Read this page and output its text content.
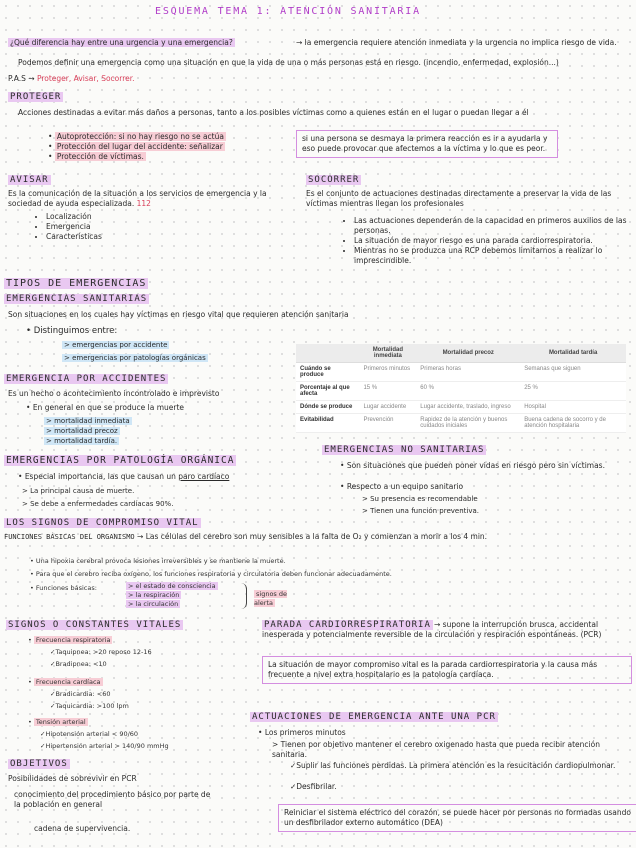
ESQUEMA TEMA 1: ATENCIÓN SANITARIA
¿Qué diferencia hay entre una urgencia y una emergencia?	→ la emergencia requiere atención inmediata y la urgencia no implica riesgo de vida.
Podemos definir una emergencia como una situación en que la vida de una o más personas está en riesgo. (incendio, enfermedad, explosión...)
P.A.S → Proteger, Avisar, Socorrer.
PROTEGER
Acciones destinadas a evitar más daños a personas, tanto a los posibles víctimas como a quienes están en el lugar o puedan llegar a él
• Autoprotección: si no hay riesgo no se actúa
• Protección del lugar del accidente: señalizar
• Protección de víctimas.
si una persona se desmaya la primera reacción es ir a ayudarla y eso puede provocar que afectemos a la víctima y lo que es peor.
AVISAR
Es la comunicación de la situación a los servicios de emergencia y la sociedad de ayuda especializada. 112
• Localización
• Emergencia
• Características
SOCORRER
Es el conjunto de actuaciones destinadas directamente a preservar la vida de las víctimas mientras llegan los profesionales
• Las actuaciones dependerán de la capacidad en primeros auxilios de las personas.
• La situación de mayor riesgo es una parada cardiorrespiratoria.
• Mientras no se produzca una RCP debemos limitarnos a realizar lo imprescindible.
TIPOS DE EMERGENCIAS
EMERGENCIAS SANITARIAS
Son situaciones en los cuales hay víctimas en riesgo vital que requieren atención sanitaria
• Distinguimos entre:
> emergencias por accidente
> emergencias por patologías orgánicas
EMERGENCIA POR ACCIDENTES
Es un hecho o acontecimiento incontrolado e imprevisto
• En general en que se produce la muerte
> mortalidad inmediata
> mortalidad precoz
> mortalidad tardía.
	Mortalidad inmediata	Mortalidad precoz	Mortalidad tardía
Cuándo se produce	Primeros minutos	Primeras horas	Semanas que siguen
Porcentaje al que afecta	15 %	60 %	25 %
Dónde se produce	Lugar accidente	Lugar accidente, traslado, ingreso	Hospital
Evitabilidad	Prevención	Rapidez de la atención y buenos cuidados iniciales	Buena cadena de socorro y de atención hospitalaria
EMERGENCIAS POR PATOLOGÍA ORGÁNICA
• Especial importancia, las que causan un paro cardíaco
> La principal causa de muerte.
> Se debe a enfermedades cardíacas 90%.
EMERGENCIAS NO SANITARIAS
• Son situaciones que pueden poner vidas en riesgo pero sin víctimas.
• Respecto a un equipo sanitario
> Su presencia es recomendable
> Tienen una función preventiva.
LOS SIGNOS DE COMPROMISO VITAL
FUNCIONES BÁSICAS DEL ORGANISMO → Las células del cerebro son muy sensibles a la falta de O₂ y comienzan a morir a los 4 min.
• Una hipoxia cerebral provoca lesiones irreversibles y se mantiene la muerte.
• Para que el cerebro reciba oxígeno, los funciones respiratoria y circulatoria deben funcionar adecuadamente.
• Funciones básicas:	> el estado de consciencia
> la respiración
> la circulación
signos de alerta
SIGNOS O CONSTANTES VITALES
• Frecuencia respiratoria
✓Taquipnea: >20 reposo 12-16
✓Bradipnea: <10
• Frecuencia cardíaca
✓Bradicardia: <60
✓Taquicardia: >100 lpm
• Tensión arterial
✓Hipotensión arterial < 90/60
✓Hipertensión arterial > 140/90 mmHg
OBJETIVOS
Posibilidades de sobrevivir en PCR
conocimiento del procedimiento básico por parte de la población en general
cadena de supervivencia.
PARADA CARDIORRESPIRATORIA → supone la interrupción brusca, accidental inesperada y potencialmente reversible de la circulación y respiración espontáneas. (PCR)
La situación de mayor compromiso vital es la parada cardiorrespiratoria y la causa más frecuente a nivel extra hospitalario es la patología cardíaca.
ACTUACIONES DE EMERGENCIA ANTE UNA PCR
• Los primeros minutos
> Tienen por objetivo mantener el cerebro oxigenado hasta que pueda recibir atención sanitaria.
✓Suplir las funciones perdidas. La primera atención es la resucitación cardiopulmonar.
✓Desfibrilar.
Reiniciar el sistema eléctrico del corazón, se puede hacer por personas no formadas usando un desfibrilador externo automático (DEA)
